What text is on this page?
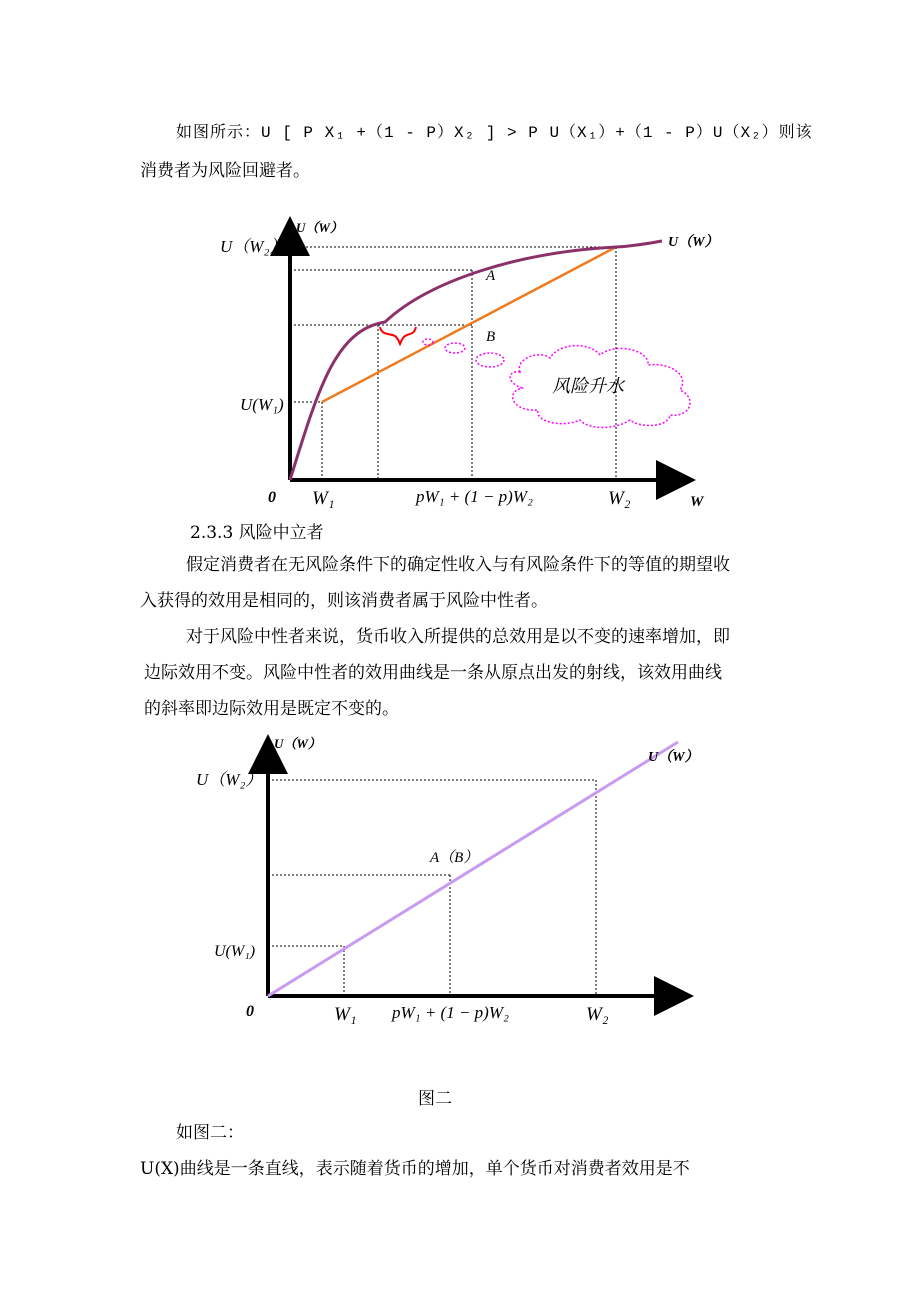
如图所示：U [ P X₁ +（1 - P）X₂ ] > P U（X₁）+（1 - P）U（X₂）则该

消费者为风险回避者。

风险升水
U（W）
U（W）
U（W₂）
U(W₁)
A
B
0 W₁	pW₁ + (1 − p)W₂	W₂	W

2.3.3 风险中立者

假定消费者在无风险条件下的确定性收入与有风险条件下的等值的期望收

入获得的效用是相同的，则该消费者属于风险中性者。

对于风险中性者来说，货币收入所提供的总效用是以不变的速率增加，即

边际效用不变。风险中性者的效用曲线是一条从原点出发的射线，该效用曲线

的斜率即边际效用是既定不变的。

U（W）
U（W）
U（W₂）
U(W₁)
A（B）
0	W₁ pW₁ + (1 − p)W₂	W₂
图二

如图二：

U(X)曲线是一条直线，表示随着货币的增加，单个货币对消费者效用是不
